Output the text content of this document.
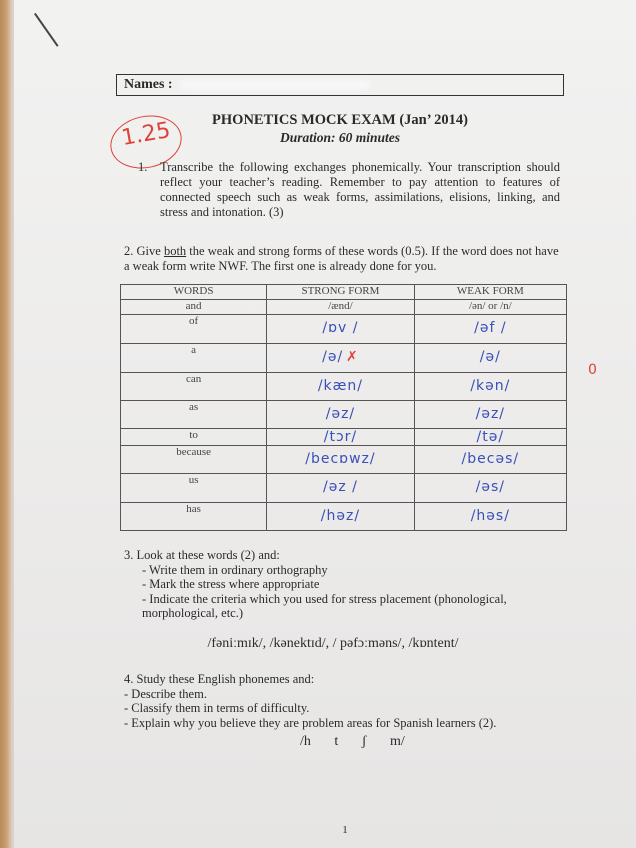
Names :
PHONETICS MOCK EXAM (Jan’ 2014)
Duration: 60 minutes
1.25
1. Transcribe the following exchanges phonemically. Your transcription should reflect your teacher’s reading. Remember to pay attention to features of connected speech such as weak forms, assimilations, elisions, linking, and stress and intonation. (3)
2. Give both the weak and strong forms of these words (0.5). If the word does not have a weak form write NWF. The first one is already done for you.
WORDS	STRONG FORM	WEAK FORM
and	/ænd/	/ən/ or /n/
of	/ɒv /	/əf /
a	/ə/ ✗	/ə/
can	/kæn/	/kən/
as	/əz/	/əz/
to	/tɔr/	/tə/
because	/becɒwz/	/becəs/
us	/əz /	/əs/
has	/həz/	/həs/
0
3. Look at these words (2) and:
- Write them in ordinary orthography
- Mark the stress where appropriate
- Indicate the criteria which you used for stress placement (phonological, morphological, etc.)
/fəniːmɪk/, /kənektɪd/, / pəfɔːməns/, /kɒntent/
4. Study these English phonemes and:
- Describe them.
- Classify them in terms of difficulty.
- Explain why you believe they are problem areas for Spanish learners (2).
/h t ʃ m/
1
